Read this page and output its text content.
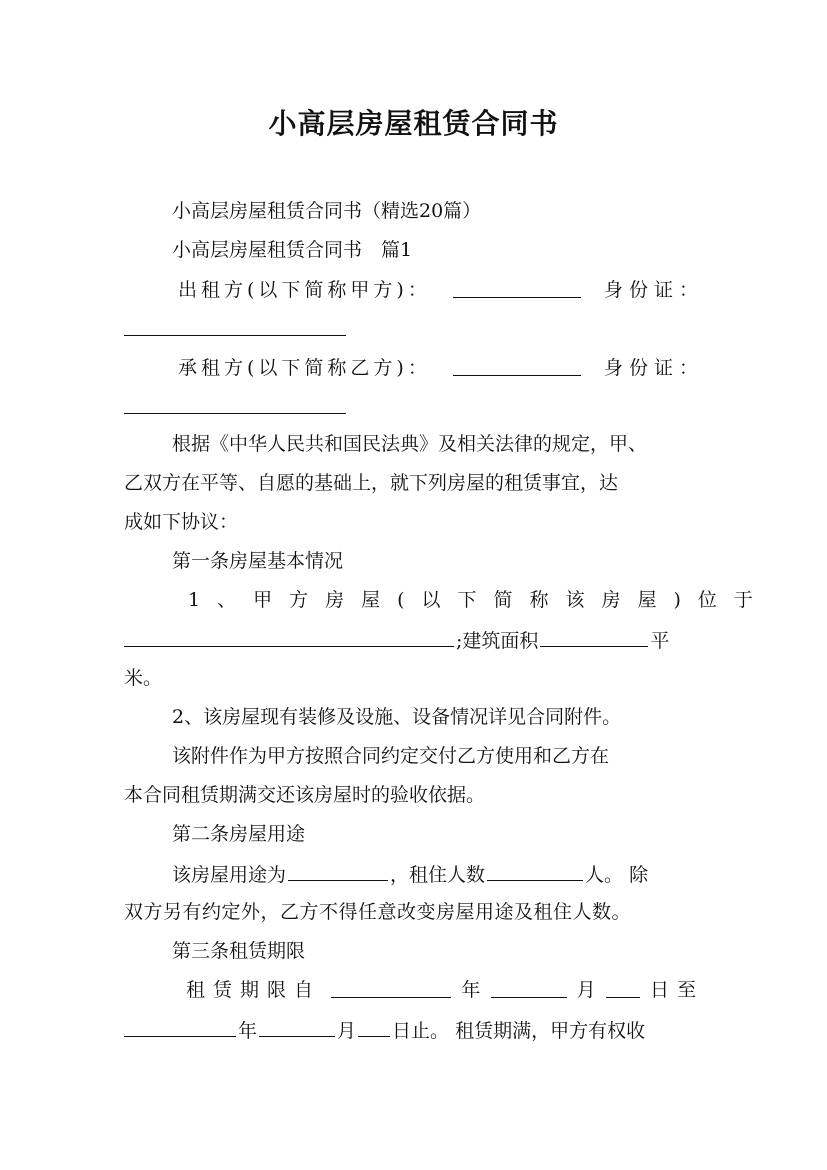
小高层房屋租赁合同书
小高层房屋租赁合同书（精选20篇）
小高层房屋租赁合同书　篇1
出租方(以下简称甲方)：	身份证：
承租方(以下简称乙方)：	身份证：
根据《中华人民共和国民法典》及相关法律的规定，甲、
乙双方在平等、自愿的基础上，就下列房屋的租赁事宜，达
成如下协议：
第一条房屋基本情况
1、甲方房屋(以下简称该房屋)位于
;建筑面积	平
米。
2、该房屋现有装修及设施、设备情况详见合同附件。
该附件作为甲方按照合同约定交付乙方使用和乙方在
本合同租赁期满交还该房屋时的验收依据。
第二条房屋用途
该房屋用途为	，租住人数	人。 除
双方另有约定外，乙方不得任意改变房屋用途及租住人数。
第三条租赁期限
租赁期限自	年	月	日至
年	月 日止。 租赁期满，甲方有权收
